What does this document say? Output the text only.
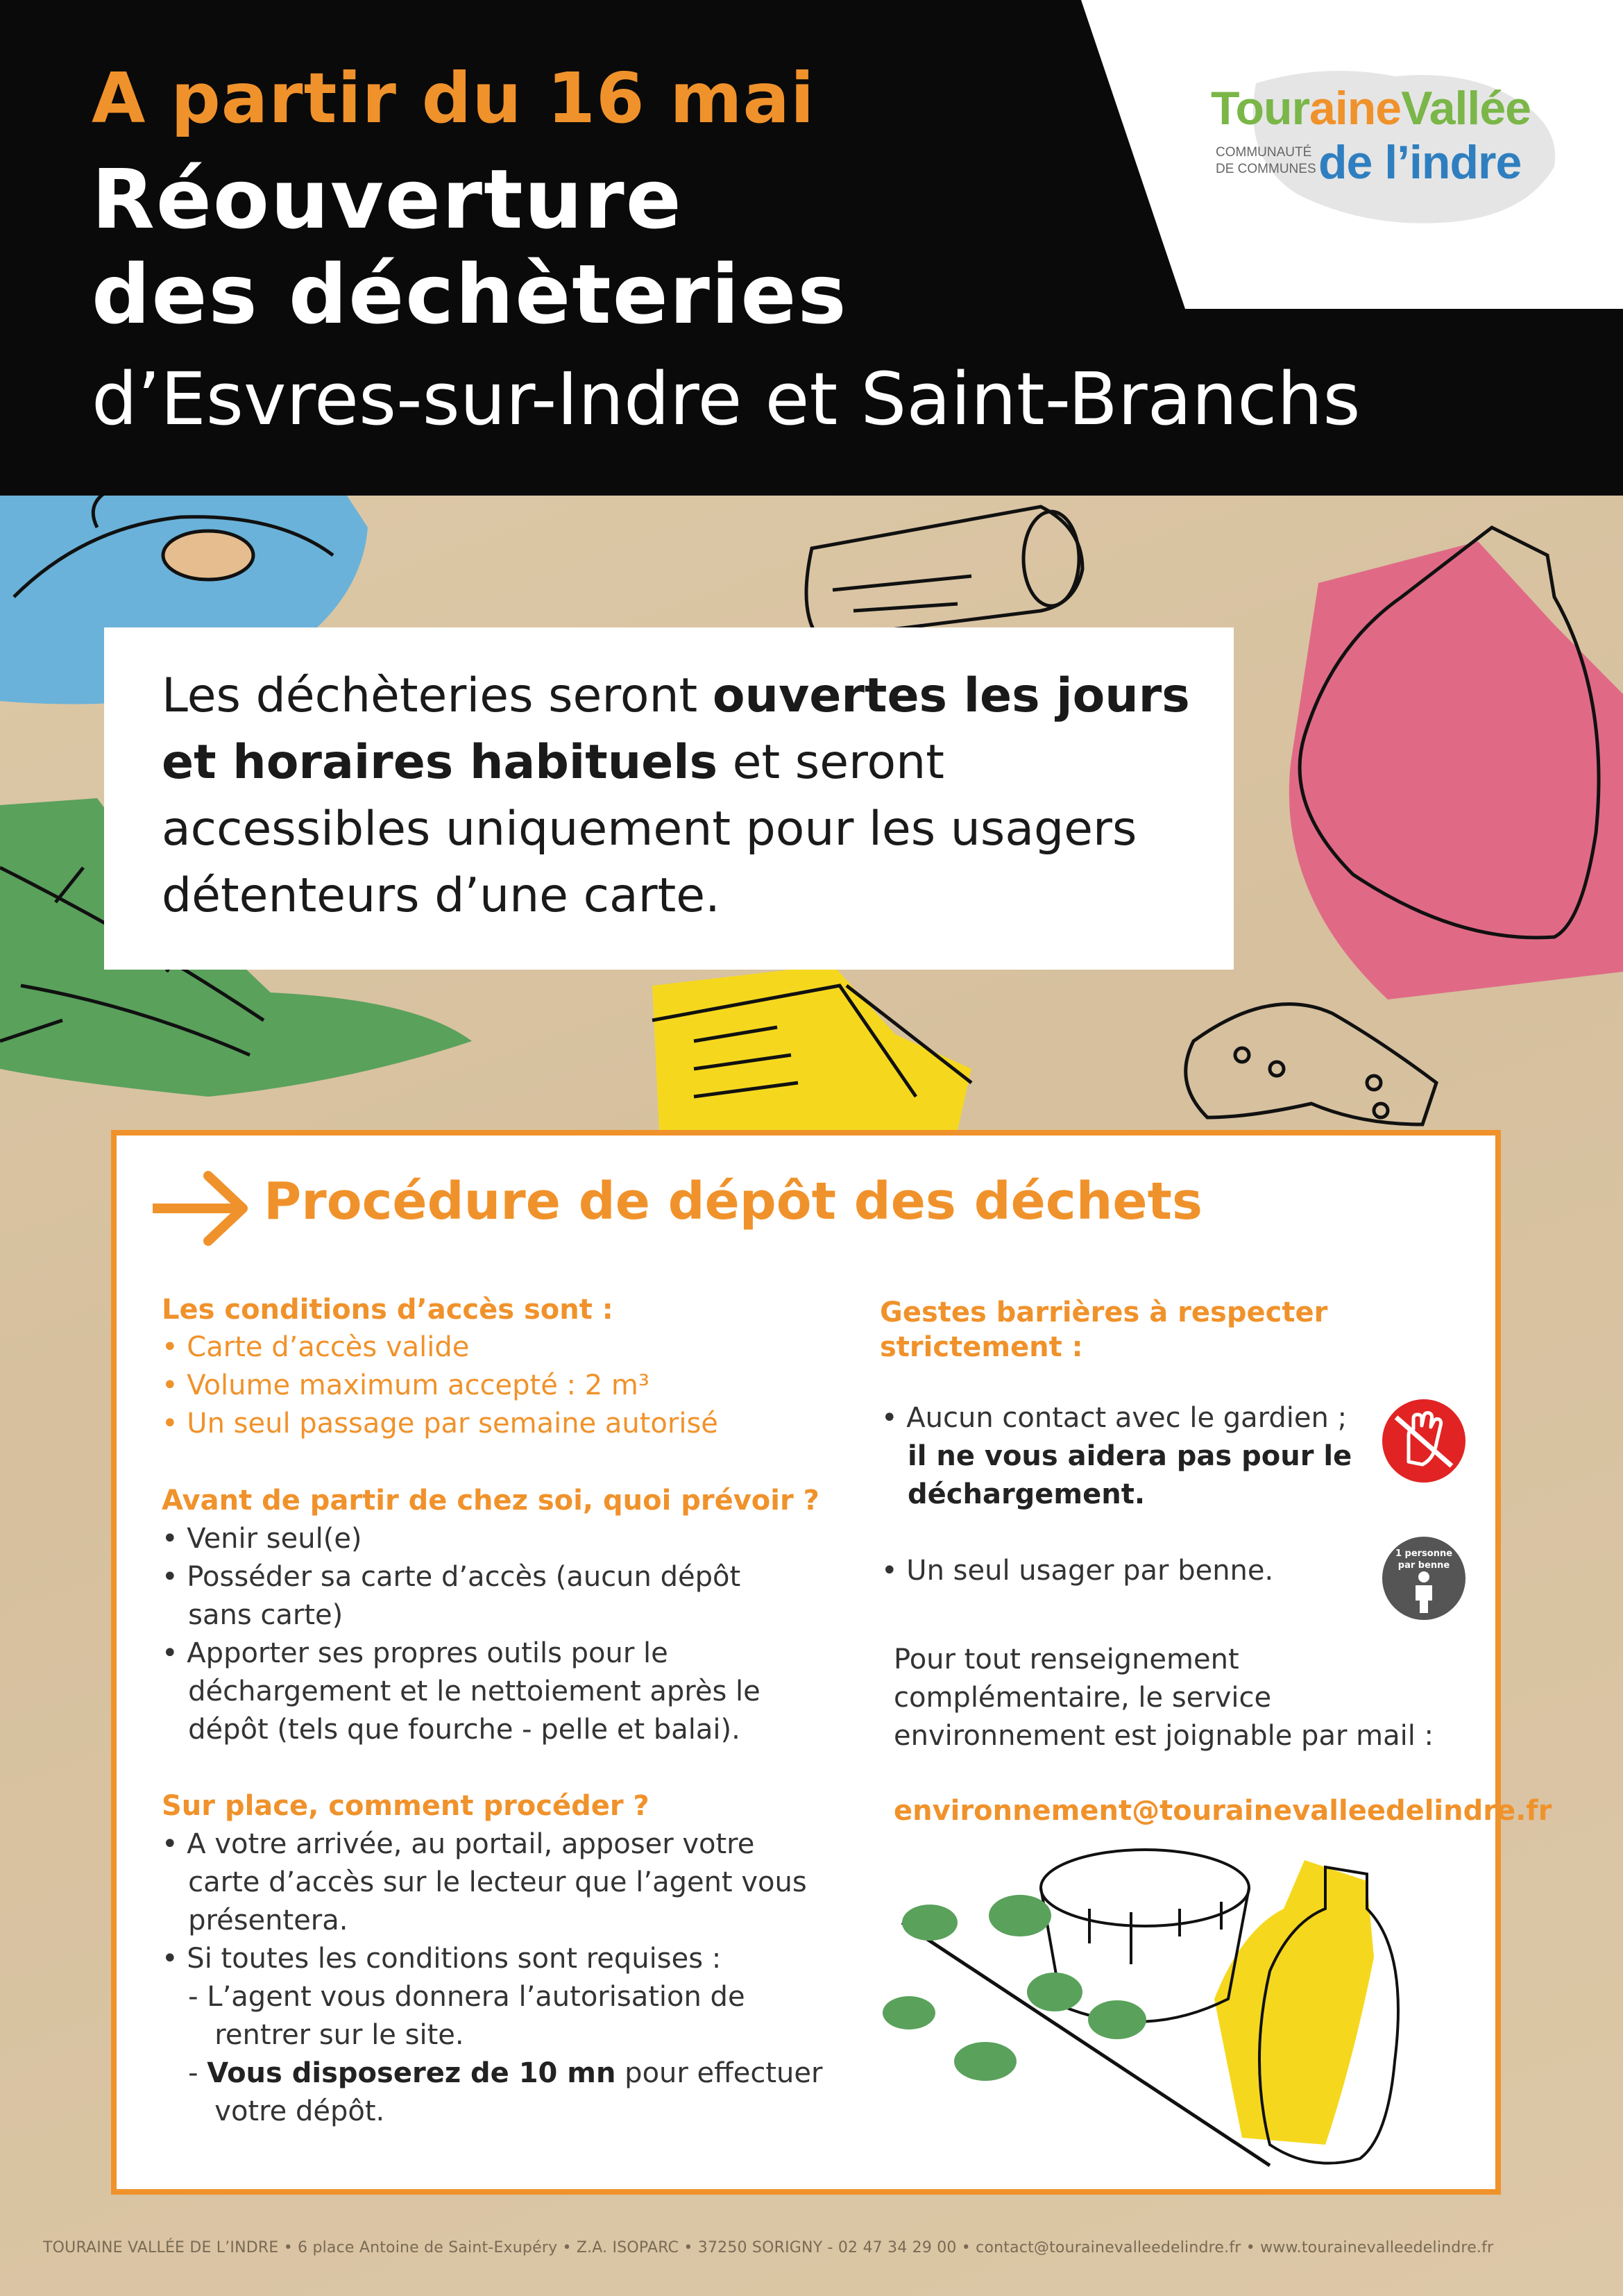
A partir du 16 mai
Réouverture
des déchèteries
d’Esvres-sur-Indre et Saint-Branchs
TouraineVallée
COMMUNAUTÉ
DE COMMUNES de l’indre
Les déchèteries seront ouvertes les jours et horaires habituels et seront accessibles uniquement pour les usagers détenteurs d’une carte.
Procédure de dépôt des déchets
Les conditions d’accès sont :
• Carte d’accès valide
• Volume maximum accepté : 2 m³
• Un seul passage par semaine autorisé
Avant de partir de chez soi, quoi prévoir ?
• Venir seul(e)
• Posséder sa carte d’accès (aucun dépôt
sans carte)
• Apporter ses propres outils pour le
déchargement et le nettoiement après le
dépôt (tels que fourche - pelle et balai).
Sur place, comment procéder ?
• A votre arrivée, au portail, apposer votre
carte d’accès sur le lecteur que l’agent vous
présentera.
• Si toutes les conditions sont requises :
- L’agent vous donnera l’autorisation de
rentrer sur le site.
- Vous disposerez de 10 mn pour effectuer
votre dépôt.
Gestes barrières à respecter
strictement :
• Aucun contact avec le gardien ;
il ne vous aidera pas pour le
déchargement.
• Un seul usager par benne.
1 personne
par benne
Pour tout renseignement
complémentaire, le service
environnement est joignable par mail :
environnement@tourainevalleedelindre.fr
TOURAINE VALLÉE DE L’INDRE • 6 place Antoine de Saint-Exupéry • Z.A. ISOPARC • 37250 SORIGNY - 02 47 34 29 00 • contact@tourainevalleedelindre.fr • www.tourainevalleedelindre.fr
